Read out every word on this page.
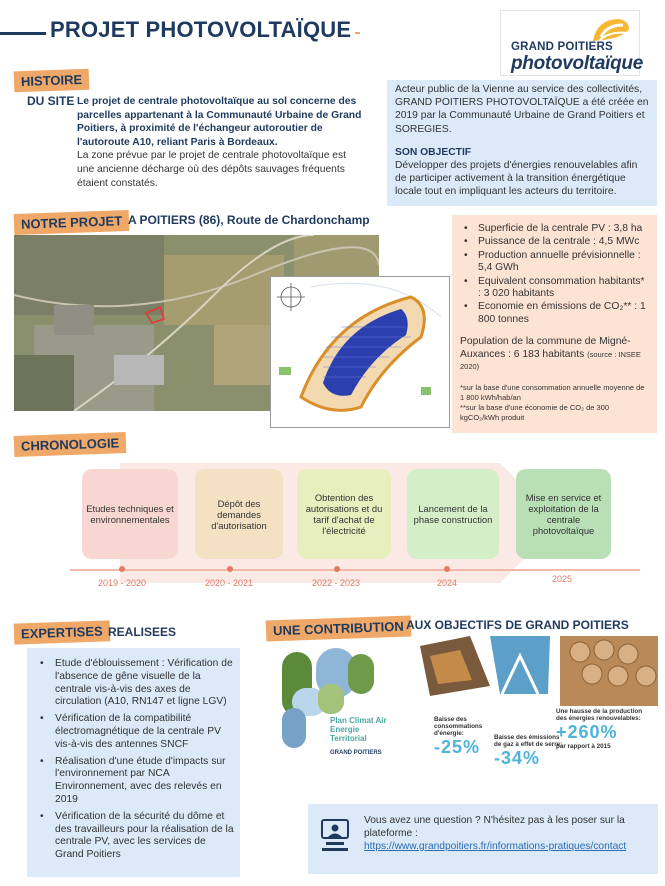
PROJET PHOTOVOLTAÏQUE
GRAND POITIERS
photovoltaïque
HISTOIRE
DU SITE Le projet de centrale photovoltaïque au sol concerne des parcelles appartenant à la Communauté Urbaine de Grand Poitiers, à proximité de l'échangeur autoroutier de l'autoroute A10, reliant Paris à Bordeaux.

La zone prévue par le projet de centrale photovoltaïque est une ancienne décharge où des dépôts sauvages fréquents étaient constatés.

Acteur public de la Vienne au service des collectivités, GRAND POITIERS PHOTOVOLTAÏQUE a été créée en 2019 par la Communauté Urbaine de Grand Poitiers et SOREGIES.

SON OBJECTIF

Développer des projets d'énergies renouvelables afin de participer activement à la transition énergétique locale tout en impliquant les acteurs du territoire.

NOTRE PROJET A POITIERS (86), Route de Chardonchamp
• Superficie de la centrale PV : 3,8 ha
• Puissance de la centrale : 4,5 MWc
• Production annuelle prévisionnelle : 5,4 GWh
• Equivalent consommation habitants* : 3 020 habitants
• Economie en émissions de CO₂** : 1 800 tonnes

Population de la commune de Migné-Auxances : 6 183 habitants (source : INSEE 2020)

*sur la base d'une consommation annuelle moyenne de 1 800 kWh/hab/an

**sur la base d'une économie de CO₂ de 300 kgCO₂/kWh produit

CHRONOLOGIE
Etudes techniques et environnementales
Dépôt des demandes d'autorisation
Obtention des autorisations et du tarif d'achat de l'électricité
Lancement de la phase construction
Mise en service et exploitation de la centrale photovoltaïque
2019 - 2020	2020 - 2021	2022 - 2023	2024	2025
EXPERTISES REALISEES
• Etude d'éblouissement : Vérification de l'absence de gêne visuelle de la centrale vis-à-vis des axes de circulation (A10, RN147 et ligne LGV)
• Vérification de la compatibilité électromagnétique de la centrale PV vis-à-vis des antennes SNCF
• Réalisation d'une étude d'impacts sur l'environnement par NCA Environnement, avec des relevés en 2019
• Vérification de la sécurité du dôme et des travailleurs pour la réalisation de la centrale PV, avec les services de Grand Poitiers
UNE CONTRIBUTION AUX OBJECTIFS DE GRAND POITIERS
Plan Climat Air Energie Territorial
GRAND POITIERS
Baisse des consommations d'énergie:
-25%	Baisse des émissions de gaz à effet de serre:
-34%
Une hausse de la production des énergies renouvelables:
+260%
par rapport à 2015

Vous avez une question ? N'hésitez pas à les poser sur la plateforme :

https://www.grandpoitiers.fr/informations-pratiques/contact
